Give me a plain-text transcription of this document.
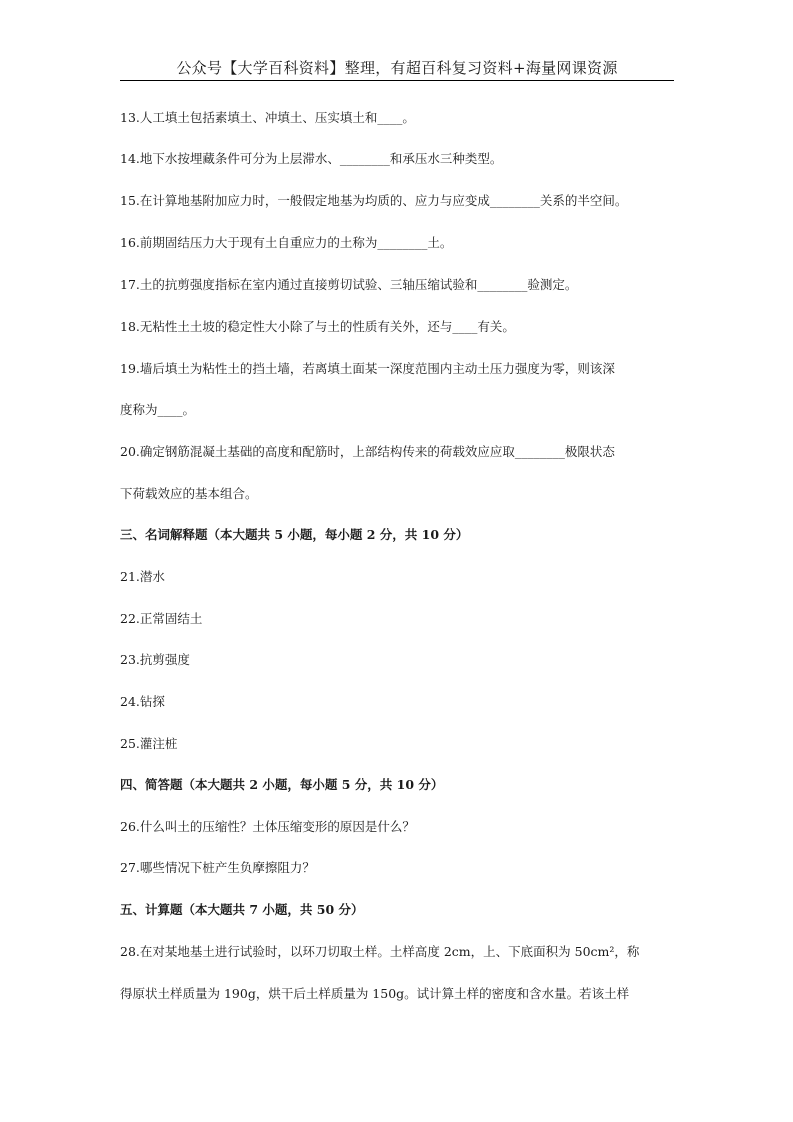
公众号【大学百科资料】整理，有超百科复习资料+海量网课资源
13.人工填土包括素填土、冲填土、压实填土和____。
14.地下水按埋藏条件可分为上层滞水、________和承压水三种类型。
15.在计算地基附加应力时，一般假定地基为均质的、应力与应变成________关系的半空间。
16.前期固结压力大于现有土自重应力的土称为________土。
17.土的抗剪强度指标在室内通过直接剪切试验、三轴压缩试验和________验测定。
18.无粘性土土坡的稳定性大小除了与土的性质有关外，还与____有关。
19.墙后填土为粘性土的挡土墙，若离填土面某一深度范围内主动土压力强度为零，则该深
度称为____。
20.确定钢筋混凝土基础的高度和配筋时，上部结构传来的荷载效应应取________极限状态
下荷载效应的基本组合。
三、名词解释题（本大题共 5 小题，每小题 2 分，共 10 分）
21.潜水
22.正常固结土
23.抗剪强度
24.钻探
25.灌注桩
四、简答题（本大题共 2 小题，每小题 5 分，共 10 分）
26.什么叫土的压缩性？土体压缩变形的原因是什么？
27.哪些情况下桩产生负摩擦阻力？
五、计算题（本大题共 7 小题，共 50 分）
28.在对某地基土进行试验时，以环刀切取土样。土样高度 2cm，上、下底面积为 50cm²，称
得原状土样质量为 190g，烘干后土样质量为 150g。试计算土样的密度和含水量。若该土样
